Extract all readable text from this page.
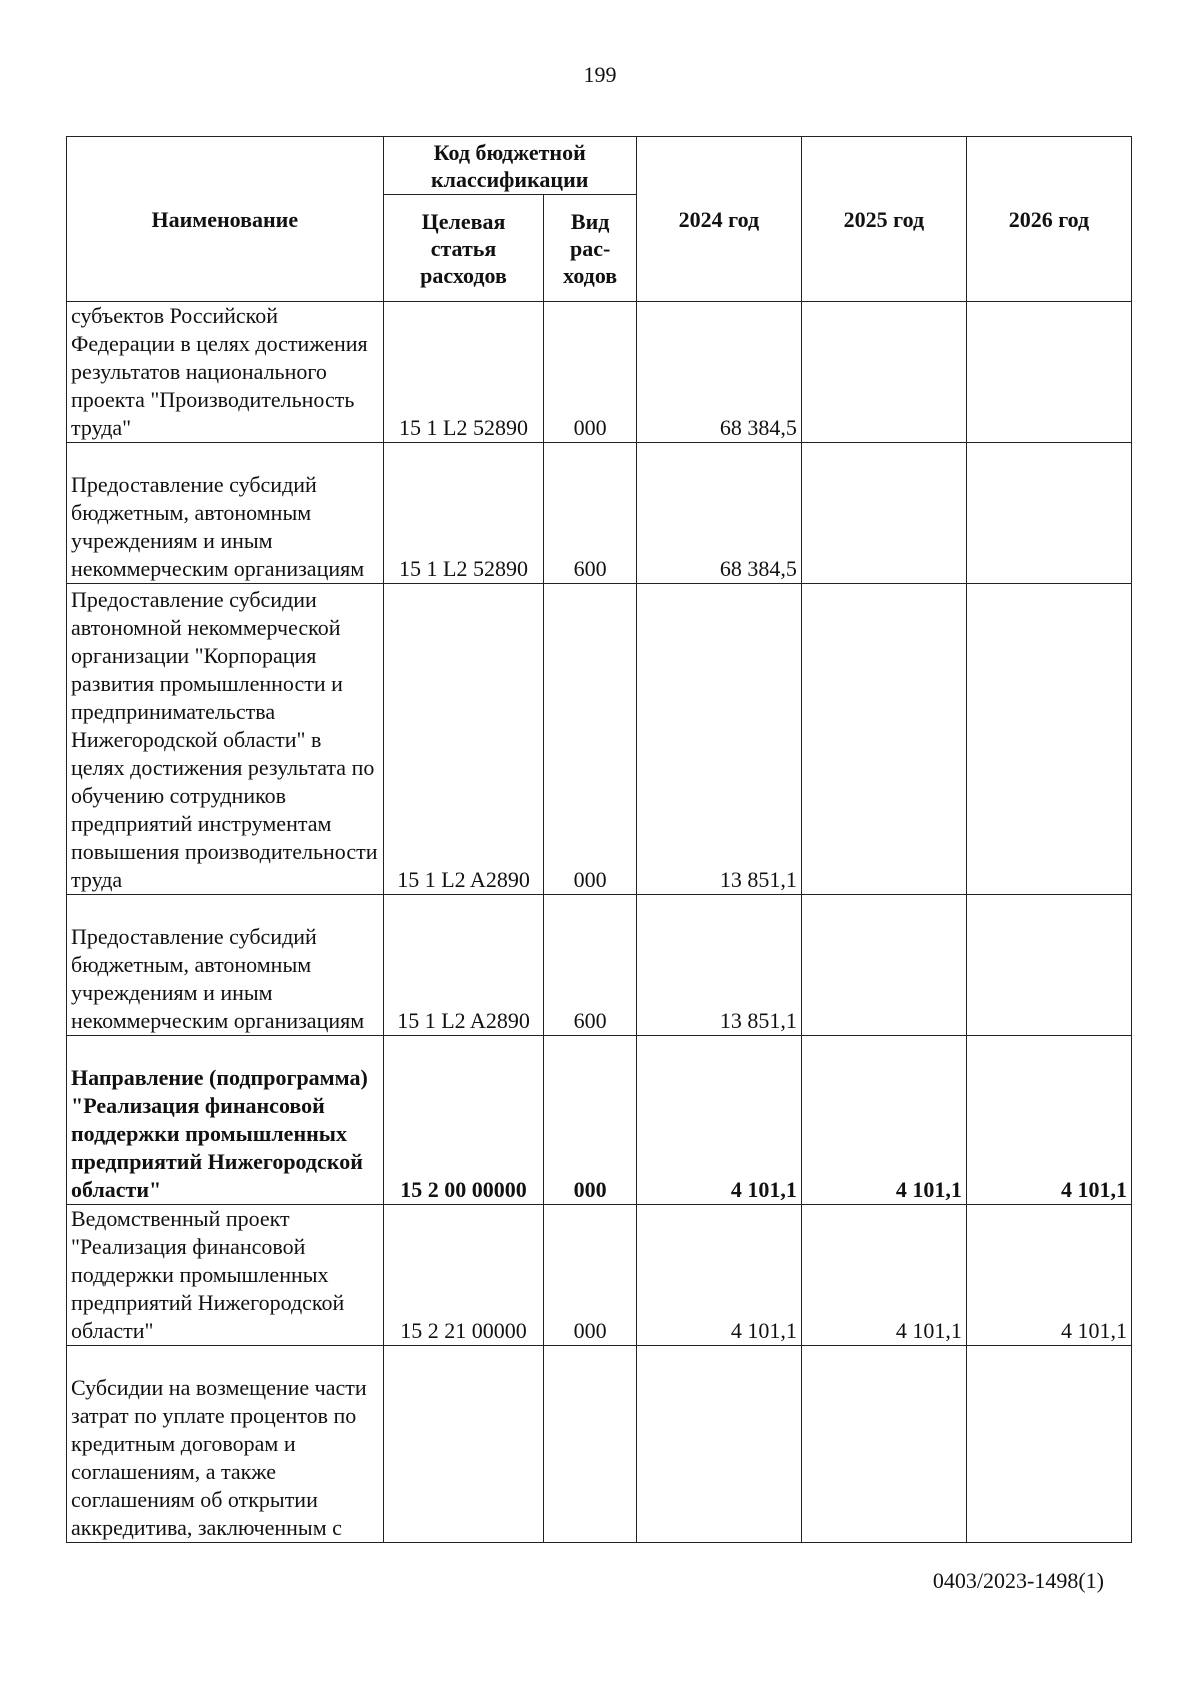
199
Наименование	Код бюджетной классификации		2024 год	2025 год	2026 год
	Целевая статья расходов	Вид рас-ходов			
субъектов Российской Федерации в целях достижения результатов национального проекта "Производительность труда"	15 1 L2 52890	000	68 384,5		
Предоставление субсидий бюджетным, автономным учреждениям и иным некоммерческим организациям	15 1 L2 52890	600	68 384,5		
Предоставление субсидии автономной некоммерческой организации "Корпорация развития промышленности и предпринимательства Нижегородской области" в целях достижения результата по обучению сотрудников предприятий инструментам повышения производительности труда	15 1 L2 A2890	000	13 851,1		
Предоставление субсидий бюджетным, автономным учреждениям и иным некоммерческим организациям	15 1 L2 A2890	600	13 851,1		
Направление (подпрограмма) "Реализация финансовой поддержки промышленных предприятий Нижегородской области"	15 2 00 00000	000	4 101,1	4 101,1	4 101,1
Ведомственный проект "Реализация финансовой поддержки промышленных предприятий Нижегородской области"	15 2 21 00000	000	4 101,1	4 101,1	4 101,1
Субсидии на возмещение части затрат по уплате процентов по кредитным договорам и соглашениям, а также соглашениям об открытии аккредитива, заключенным с					
0403/2023-1498(1)
